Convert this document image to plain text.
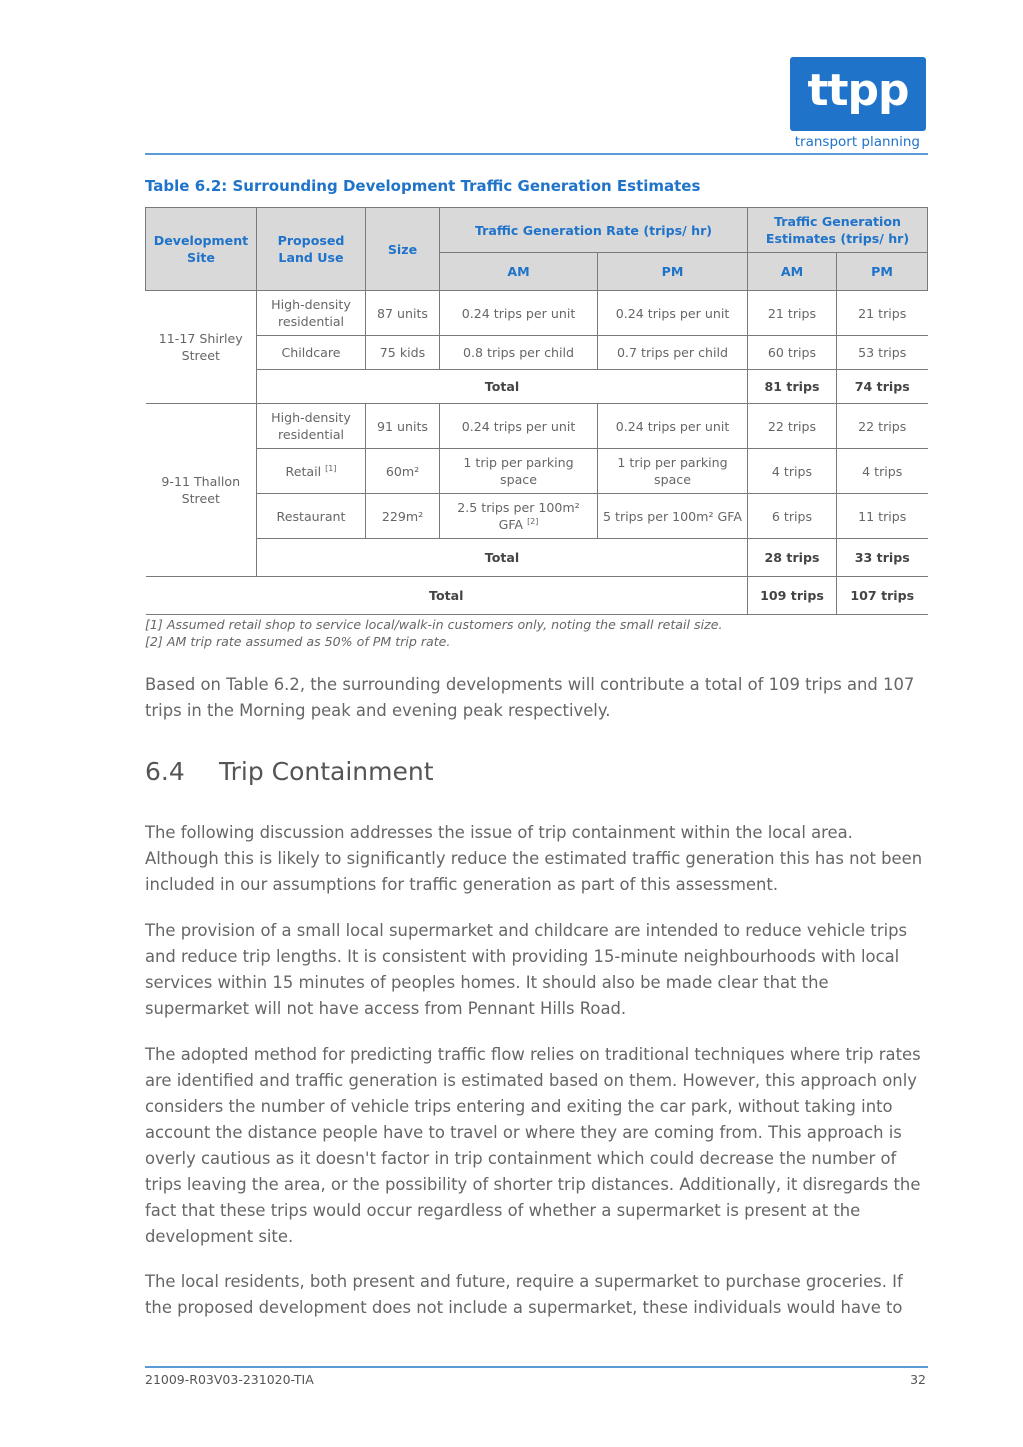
ttpp
transport planning
Table 6.2: Surrounding Development Traffic Generation Estimates
Development Site	Proposed Land Use	Size	Traffic Generation Rate (trips/ hr)		Traffic Generation Estimates (trips/ hr)	
			AM	PM	AM	PM
11-17 Shirley Street	High-density residential	87 units	0.24 trips per unit	0.24 trips per unit	21 trips	21 trips
	Childcare	75 kids	0.8 trips per child	0.7 trips per child	60 trips	53 trips
	Total				81 trips	74 trips
9-11 Thallon Street	High-density residential	91 units	0.24 trips per unit	0.24 trips per unit	22 trips	22 trips
	Retail [1]	60m²	1 trip per parking space	1 trip per parking space	4 trips	4 trips
	Restaurant	229m²	2.5 trips per 100m² GFA [2]	5 trips per 100m² GFA	6 trips	11 trips
	Total				28 trips	33 trips
Total					109 trips	107 trips
[1] Assumed retail shop to service local/walk-in customers only, noting the small retail size.
[2] AM trip rate assumed as 50% of PM trip rate.
Based on Table 6.2, the surrounding developments will contribute a total of 109 trips and 107 trips in the Morning peak and evening peak respectively.
6.4 Trip Containment
The following discussion addresses the issue of trip containment within the local area. Although this is likely to significantly reduce the estimated traffic generation this has not been included in our assumptions for traffic generation as part of this assessment.
The provision of a small local supermarket and childcare are intended to reduce vehicle trips and reduce trip lengths. It is consistent with providing 15-minute neighbourhoods with local services within 15 minutes of peoples homes. It should also be made clear that the supermarket will not have access from Pennant Hills Road.
The adopted method for predicting traffic flow relies on traditional techniques where trip rates are identified and traffic generation is estimated based on them. However, this approach only considers the number of vehicle trips entering and exiting the car park, without taking into account the distance people have to travel or where they are coming from. This approach is overly cautious as it doesn't factor in trip containment which could decrease the number of trips leaving the area, or the possibility of shorter trip distances. Additionally, it disregards the fact that these trips would occur regardless of whether a supermarket is present at the development site.
The local residents, both present and future, require a supermarket to purchase groceries. If the proposed development does not include a supermarket, these individuals would have to
21009-R03V03-231020-TIA	32
